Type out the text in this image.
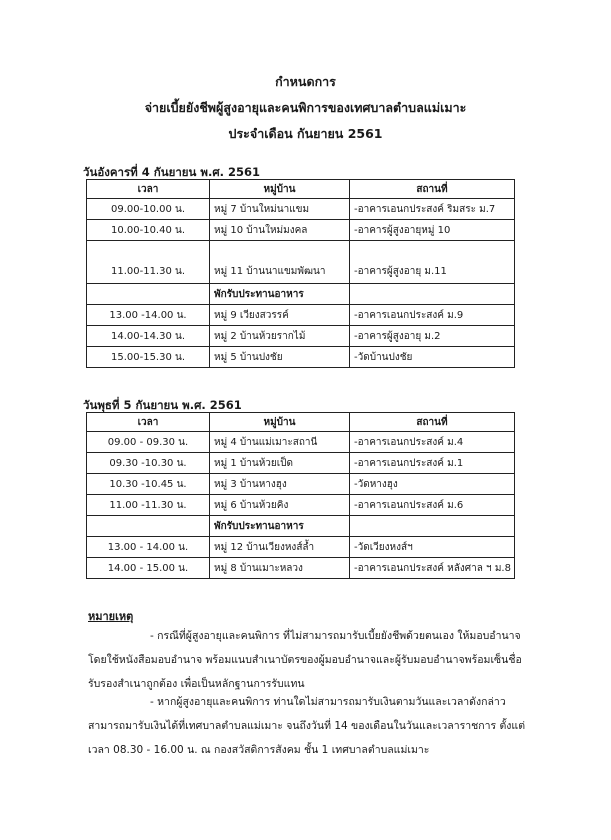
กำหนดการ
จ่ายเบี้ยยังชีพผู้สูงอายุและคนพิการของเทศบาลตำบลแม่เมาะ
ประจำเดือน กันยายน 2561
วันอังคารที่ 4 กันยายน พ.ศ. 2561
เวลา	หมู่บ้าน	สถานที่
09.00-10.00 น.	หมู่ 7 บ้านใหม่นาแขม	-อาคารเอนกประสงค์ ริมสระ ม.7
10.00-10.40 น.	หมู่ 10 บ้านใหม่มงคล	-อาคารผู้สูงอายุหมู่ 10
11.00-11.30 น.	หมู่ 11 บ้านนาแขมพัฒนา	-อาคารผู้สูงอายุ ม.11
	พักรับประทานอาหาร	
13.00 -14.00 น.	หมู่ 9 เวียงสวรรค์	-อาคารเอนกประสงค์ ม.9
14.00-14.30 น.	หมู่ 2 บ้านห้วยรากไม้	-อาคารผู้สูงอายุ ม.2
15.00-15.30 น.	หมู่ 5 บ้านปงชัย	-วัดบ้านปงชัย
วันพุธที่ 5 กันยายน พ.ศ. 2561
เวลา	หมู่บ้าน	สถานที่
09.00 - 09.30 น.	หมู่ 4 บ้านแม่เมาะสถานี	-อาคารเอนกประสงค์ ม.4
09.30 -10.30 น.	หมู่ 1 บ้านห้วยเป็ด	-อาคารเอนกประสงค์ ม.1
10.30 -10.45 น.	หมู่ 3 บ้านหางฮุง	-วัดหางฮุง
11.00 -11.30 น.	หมู่ 6 บ้านห้วยคิง	-อาคารเอนกประสงค์ ม.6
	พักรับประทานอาหาร	
13.00 - 14.00 น.	หมู่ 12 บ้านเวียงหงส์ล้ำ	-วัดเวียงหงส์ฯ
14.00 - 15.00 น.	หมู่ 8 บ้านเมาะหลวง	-อาคารเอนกประสงค์ หลังศาล ฯ ม.8
หมายเหตุ
- กรณีที่ผู้สูงอายุและคนพิการ ที่ไม่สามารถมารับเบี้ยยังชีพด้วยตนเอง ให้มอบอำนาจโดยใช้หนังสือมอบอำนาจ พร้อมแนบสำเนาบัตรของผู้มอบอำนาจและผู้รับมอบอำนาจพร้อมเซ็นชื่อรับรองสำเนาถูกต้อง เพื่อเป็นหลักฐานการรับแทน
- หากผู้สูงอายุและคนพิการ ท่านใดไม่สามารถมารับเงินตามวันและเวลาดังกล่าว สามารถมารับเงินได้ที่เทศบาลตำบลแม่เมาะ จนถึงวันที่ 14 ของเดือนในวันและเวลาราชการ ตั้งแต่เวลา 08.30 - 16.00 น. ณ กองสวัสดิการสังคม ชั้น 1 เทศบาลตำบลแม่เมาะ
